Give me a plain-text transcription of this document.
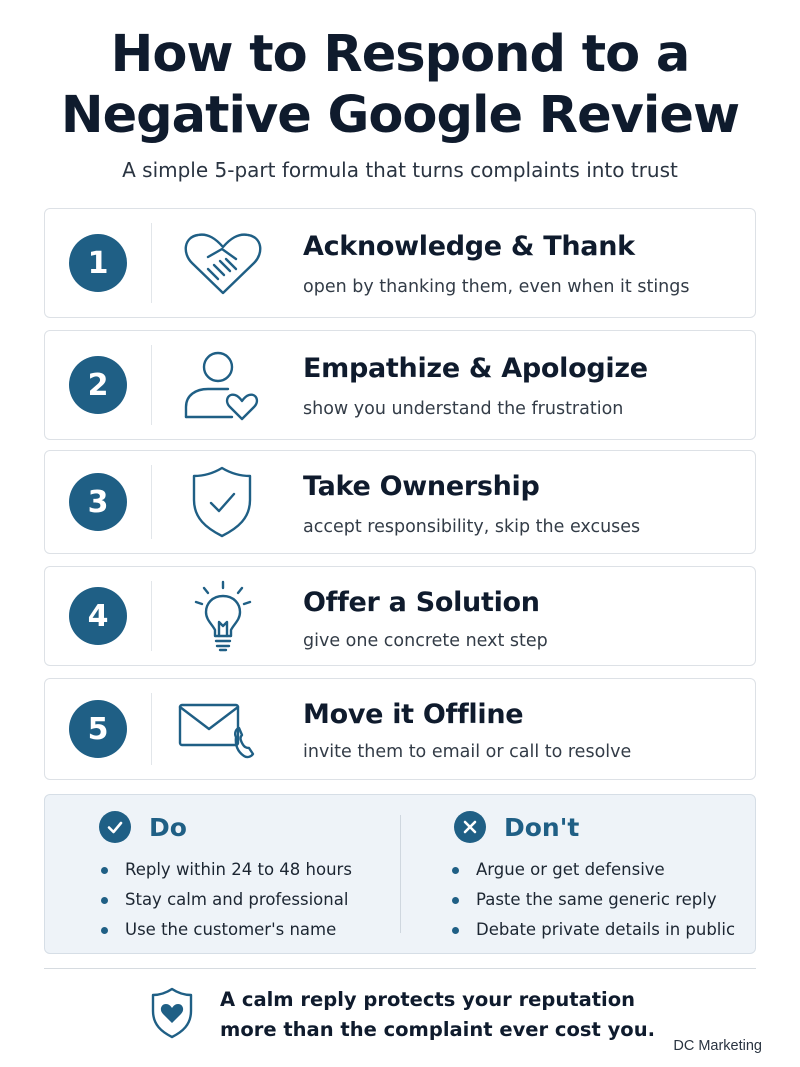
How to Respond to a
Negative Google Review
A simple 5-part formula that turns complaints into trust
1	Acknowledge & Thank
open by thanking them, even when it stings
2	Empathize & Apologize
show you understand the frustration
3	Take Ownership
accept responsibility, skip the excuses
4	Offer a Solution
give one concrete next step
5	Move it Offline
invite them to email or call to resolve
Do
Reply within 24 to 48 hours
Stay calm and professional
Use the customer's name
Don't
Argue or get defensive
Paste the same generic reply
Debate private details in public
A calm reply protects your reputation
more than the complaint ever cost you.
DC Marketing
